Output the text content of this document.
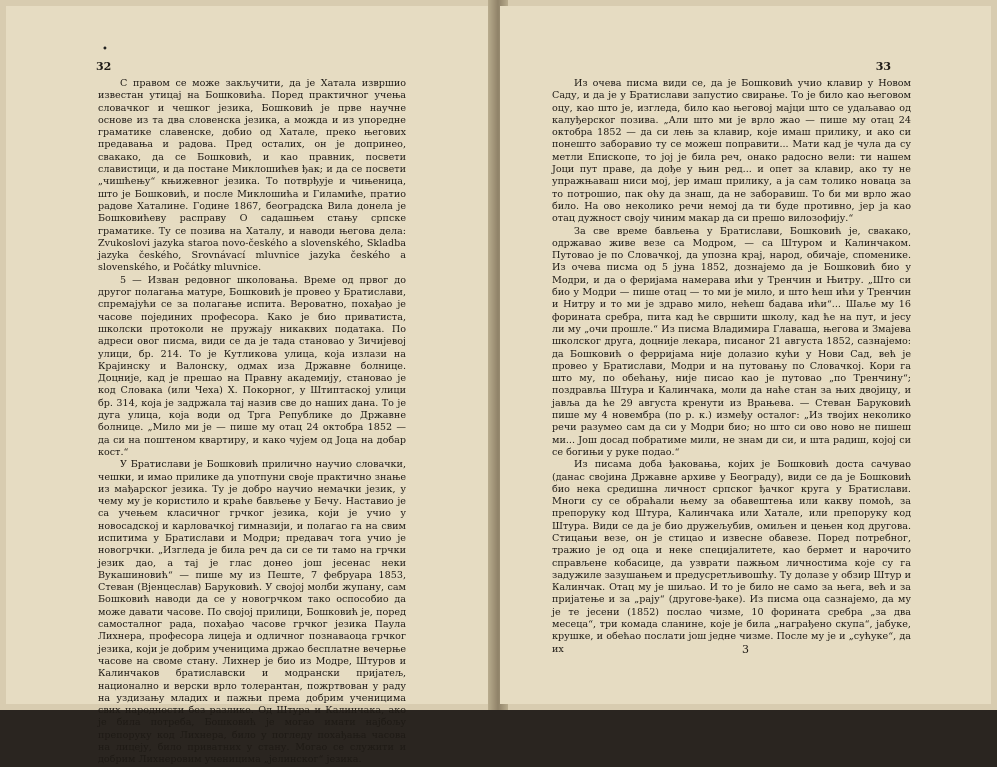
•
32

С правом се може закључити, да је Хатала извршио известан утицај на Бошковића. Поред практичног учења словачког и чешког језика, Бошковић је прве научне основе из та два словенска језика, а можда и из упоредне граматике славенске, добио од Хатале, преко његових предавања и радова. Пред осталих, он је допринео, свакако, да се Бошковић, и као правник, посвети славистици, и да постане Миклошићев ђак; и да се посвети „чишћењу“ књижевног језика. То потврђује и чињеница, што је Бошковић, и после Миклошића и Гиламиће, пратио радове Хаталине. Године 1867, београдска Вила донела је Бошковићеву расправу О садашњем стању српске граматике. Ту се позива на Хаталу, и наводи његова дела: Zvukoslovi jazyka staroa novo-českého a slovenského, Skladba jazyka českého, Srovnávací mluvnice jazyka českého a slovenského, и Počátky mluvnice.

5 — Изван редовног школовања. Време од првог до другог полагања матуре, Бошковић је провео у Братислави, спремајући се за полагање испита. Вероватно, похађао је часове појединих професора. Како је био приватиста, школски протоколи не пружају никаквих података. По адреси овог писма, види се да је тада становао у Зичијевој улици, бр. 214. То је Кутликова улица, која излази на Крајинску и Валонску, одмах иза Државне болнице. Доцније, кад је прешао на Правну академију, становао је код Словака (или Чеха) Х. Покорног, у Штиптаској улици бр. 314, која је задржала тај назив све до наших дана. То је дуга улица, која води од Трга Републике до Државне болнице. „Мило ми је — пише му отац 24 октобра 1852 — да си на поштеном квартиру, и како чујем од Јоца на добар кост.“

У Братислави је Бошковић прилично научио словачки, чешки, и имао прилике да употпуни своје практично знање из мађарског језика. Ту је добро научио немачки језик, у чему му је користило и краће бављење у Бечу. Наставио је са учењем класичног грчког језика, који је учио у новосадској и карловачкој гимназији, и полагао га на свим испитима у Братислави и Модри; предавач тога учио је новогрчки. „Изгледа је била реч да си се ти тамо на грчки језик дао, а тај је глас донео још јесенас неки Вукашиновић“ — пише му из Пеште, 7 фебруара 1853, Стеван (Вјенцеслав) Баруковић. У својој молби жупану, сам Бошковић наводи да се у новогрчком тако оспособио да може давати часове. По својој прилици, Бошковић је, поред самосталног рада, похађао часове грчког језика Паула Лихнера, професора лицеја и одличног познаваоца грчког језика, који је добрим ученицима држао бесплатне вечерње часове на своме стану. Лихнер је био из Модре, Штуров и Калинчаков братиславски и модрански пријатељ, национално и верски врло толерантан, пожртвован у раду на уздизању младих и пажњи према добрим ученицима свих народности без разлике. Од Штура и Калинчака, ако је била потреба, Бошковић је могао имати најбољу препоруку код Лихнера, било у погледу похађања часова на лицеју, било приватних у стану. Могао се служити и добрим Лихнеровим ученицима „јелинског“ језика.

33

Из очева писма види се, да је Бошковић учио клавир у Новом Саду, и да је у Братислави запустио свирање. То је било као његовом оцу, као што је, изгледа, било као његовој мајци што се удаљавао од калуђерског позива. „Али што ми је врло жао — пише му отац 24 октобра 1852 — да си лењ за клавир, које имаш прилику, и ако си понешто заборавио ту се можеш поправити... Мати кад је чула да су метли Епископе, то јој је била реч, онако радосно вели: ти нашем Јоци пут праве, да дође у њин ред... и опет за клавир, ако ту не упражњаваш ниси мој, јер имаш прилику, а ја сам толико новаца за то потрошио, пак оћу да знаш, да не заборавиш. То би ми врло жао било. На ово неколико речи немој да ти буде противно, јер ја као отац дужност своју чиним макар да си прешо вилозофију.“

За све време бављења у Братислави, Бошковић је, свакако, одржавао живе везе са Модром, — са Штуром и Калинчаком. Путовао је по Словачкој, да упозна крај, народ, обичаје, споменике. Из очева писма од 5 јуна 1852, дознајемо да је Бошковић био у Модри, и да о феријама намерава ићи у Тренчин и Њитру. „Што си био у Модри — пише отац — то ми је мило, и што ћеш ићи у Тренчин и Нитру и то ми је здраво мило, нећеш бадава ићи“... Шаље му 16 форината сребра, пита кад ће свршити школу, кад ће на пут, и јесу ли му „очи прошле.“ Из писма Владимира Главаша, његова и Змајева школског друга, доцније лекара, писаног 21 августа 1852, сазнајемо: да Бошковић о ферријама није долазио кући у Нови Сад, већ је провео у Братислави, Модри и на путовању по Словачкој. Кори га што му, по обећању, није писао као је путовао „по Тренчину“; поздравља Штура и Калинчака, моли да наће стан за њих двојицу, и јавља да ће 29 августа кренути из Врањева. — Стеван Баруковић пише му 4 новембра (по р. к.) између осталог: „Из твојих неколико речи разумео сам да си у Модри био; но што си ово ново не пишеш ми... Још досад побратиме мили, не знам ди си, и шта радиш, којој си се богињи у руке подао.“

Из писама доба ђаковања, којих је Бошковић доста сачувао (данас својина Државне архиве у Београду), види се да је Бошковић био нека средишна личност српског ђачког круга у Братислави. Многи су се обраћали њему за обавештења или какву помоћ, за препоруку код Штура, Калинчака или Хатале, или препоруку код Штура. Види се да је био дружељубив, омиљен и цењен код другова. Стицањи везе, он је стицао и извесне обавезе. Поред потребног, тражио је од оца и неке специјалитете, као бермет и нарочито справљене кобасице, да узврати пажњом личностима које су га задужиле зазушањем и предусретљивошћу. Ту долазе у обзир Штур и Калинчак. Отац му је шиљао. И то је било не само за њега, већ и за пријатење и за „рају“ (другове-ђаке). Из писма оца сазнајемо, да му је те јесени (1852) послао чизме, 10 форината сребра „за два месеца“, три комада сланине, које је била „награђено скупа“, јабуке, крушке, и обећао послати још једне чизме. После му је и „сућуке“, да их	3
